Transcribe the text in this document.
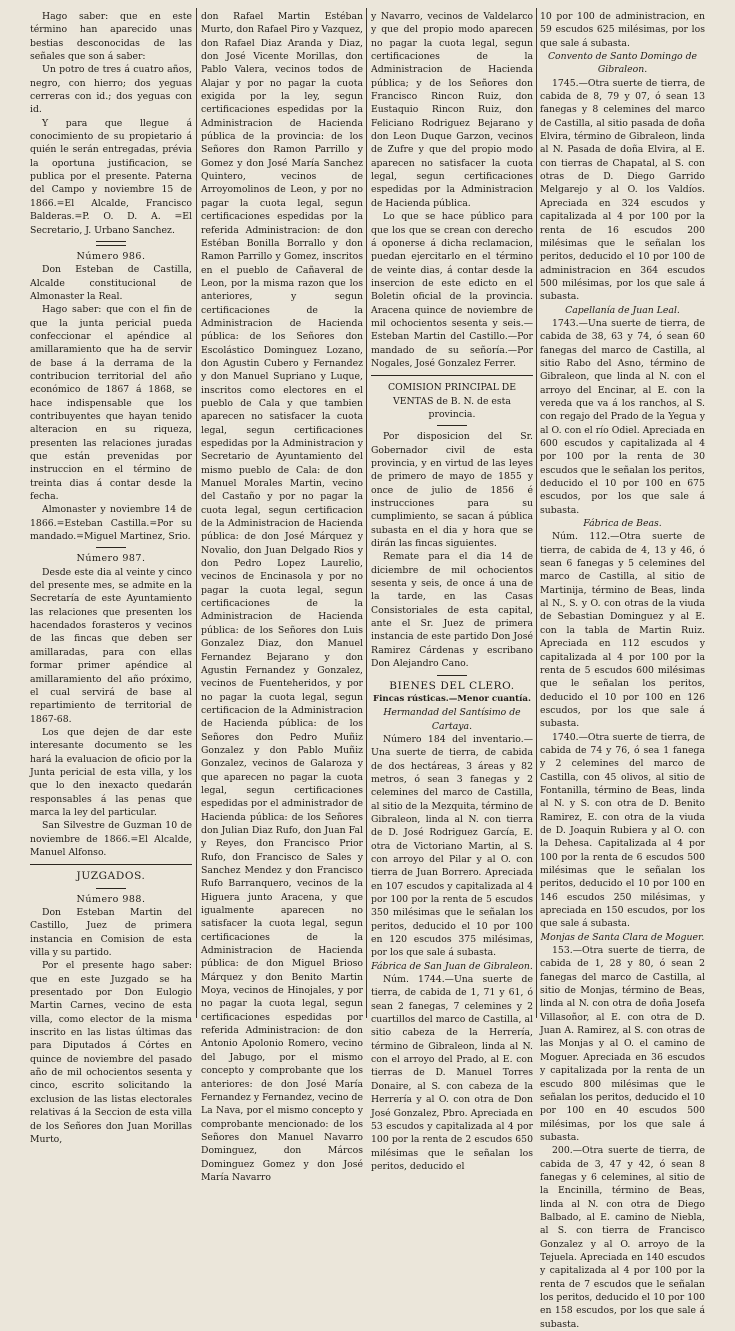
Hago saber: que en este término han aparecido unas bestias desconocidas de las señales que son á saber:

Un potro de tres á cuatro años, negro, con hierro; dos yeguas cerreras con id.; dos yeguas con id.

Y para que llegue á conocimiento de su propietario á quién le serán entregadas, prévia la oportuna justificacion, se publica por el presente. Paterna del Campo y noviembre 15 de 1866.=El Alcalde, Francisco Balderas.=P. O. D. A. =El Secretario, J. Urbano Sanchez.

Número 986.

Don Esteban de Castilla, Alcalde constitucional de Almonaster la Real.

Hago saber: que con el fin de que la junta pericial pueda confeccionar el apéndice al amillaramiento que ha de servir de base á la derrama de la contribucion territorial del año económico de 1867 á 1868, se hace indispensable que los contribuyentes que hayan tenido alteracion en su riqueza, presenten las relaciones juradas que están prevenidas por instruccion en el término de treinta dias á contar desde la fecha.

Almonaster y noviembre 14 de 1866.=Esteban Castilla.=Por su mandado.=Miguel Martinez, Srio.

Número 987.

Desde este dia al veinte y cinco del presente mes, se admite en la Secretaría de este Ayuntamiento las relaciones que presenten los hacendados forasteros y vecinos de las fincas que deben ser amillaradas, para con ellas formar primer apéndice al amillaramiento del año próximo, el cual servirá de base al repartimiento de territorial de 1867-68.

Los que dejen de dar este interesante documento se les hará la evaluacion de oficio por la Junta pericial de esta villa, y los que lo den inexacto quedarán responsables á las penas que marca la ley del particular.

San Silvestre de Guzman 10 de noviembre de 1866.=El Alcalde, Manuel Alfonso.

JUZGADOS.
Número 988.

Don Esteban Martin del Castillo, Juez de primera instancia en Comision de esta villa y su partido.

Por el presente hago saber: que en este Juzgado se ha presentado por Don Eulogio Martin Carnes, vecino de esta villa, como elector de la misma inscrito en las listas últimas das para Diputados á Córtes en quince de noviembre del pasado año de mil ochocientos sesenta y cinco, escrito solicitando la exclusion de las listas electorales relativas á la Seccion de esta villa de los Señores don Juan Morillas Murto,

don Rafael Martin Estéban Murto, don Rafael Piro y Vazquez, don Rafael Diaz Aranda y Diaz, don José Vicente Morillas, don Pablo Valera, vecinos todos de Alajar y por no pagar la cuota exigida por la ley, segun certificaciones espedidas por la Administracion de Hacienda pública de la provincia: de los Señores don Ramon Parrillo y Gomez y don José María Sanchez Quintero, vecinos de Arroyomolinos de Leon, y por no pagar la cuota legal, segun certificaciones espedidas por la referida Administracion: de don Estéban Bonilla Borrallo y don Ramon Parrillo y Gomez, inscritos en el pueblo de Cañaveral de Leon, por la misma razon que los anteriores, y segun certificaciones de la Administracion de Hacienda pública: de los Señores don Escolástico Dominguez Lozano, don Agustin Cubero y Fernandez y don Manuel Supriano y Luque, inscritos como electores en el pueblo de Cala y que tambien aparecen no satisfacer la cuota legal, segun certificaciones espedidas por la Administracion y Secretario de Ayuntamiento del mismo pueblo de Cala: de don Manuel Morales Martin, vecino del Castaño y por no pagar la cuota legal, segun certificacion de la Administracion de Hacienda pública: de don José Márquez y Novalio, don Juan Delgado Rios y don Pedro Lopez Laurelio, vecinos de Encinasola y por no pagar la cuota legal, segun certificaciones de la Administracion de Hacienda pública: de los Señores don Luis Gonzalez Diaz, don Manuel Fernandez Bejarano y don Agustin Fernandez y Gonzalez, vecinos de Fuenteheridos, y por no pagar la cuota legal, segun certificacion de la Administracion de Hacienda pública: de los Señores don Pedro Muñiz Gonzalez y don Pablo Muñiz Gonzalez, vecinos de Galaroza y que aparecen no pagar la cuota legal, segun certificaciones espedidas por el administrador de Hacienda pública: de los Señores don Julian Diaz Rufo, don Juan Fal y Reyes, don Francisco Prior Rufo, don Francisco de Sales y Sanchez Mendez y don Francisco Rufo Barranquero, vecinos de la Higuera junto Aracena, y que igualmente aparecen no satisfacer la cuota legal, segun certificaciones de la Administracion de Hacienda pública: de don Miguel Brioso Márquez y don Benito Martin Moya, vecinos de Hinojales, y por no pagar la cuota legal, segun certificaciones espedidas por referida Administracion: de don Antonio Apolonio Romero, vecino del Jabugo, por el mismo concepto y comprobante que los anteriores: de don José María Fernandez y Fernandez, vecino de La Nava, por el mismo concepto y comprobante mencionado: de los Señores don Manuel Navarro Dominguez, don Márcos Dominguez Gomez y don José María Navarro

y Navarro, vecinos de Valdelarco y que del propio modo aparecen no pagar la cuota legal, segun certificaciones de la Administracion de Hacienda pública; y de los Señores don Francisco Rincon Ruiz, don Eustaquio Rincon Ruiz, don Feliciano Rodriguez Bejarano y don Leon Duque Garzon, vecinos de Zufre y que del propio modo aparecen no satisfacer la cuota legal, segun certificaciones espedidas por la Administracion de Hacienda pública.

Lo que se hace público para que los que se crean con derecho á oponerse á dicha reclamacion, puedan ejercitarlo en el término de veinte dias, á contar desde la insercion de este edicto en el Boletin oficial de la provincia. Aracena quince de noviembre de mil ochocientos sesenta y seis.—Esteban Martin del Castillo.—Por mandado de su señoría.—Por Nogales, José Gonzalez Ferrer.

COMISION PRINCIPAL DE VENTAS de B. N. de esta provincia.

Por disposicion del Sr. Gobernador civil de esta provincia, y en virtud de las leyes de primero de mayo de 1855 y once de julio de 1856 é instrucciones para su cumplimiento, se sacan á pública subasta en el dia y hora que se dirán las fincas siguientes.

Remate para el dia 14 de diciembre de mil ochocientos sesenta y seis, de once á una de la tarde, en las Casas Consistoriales de esta capital, ante el Sr. Juez de primera instancia de este partido Don José Ramirez Cárdenas y escribano Don Alejandro Cano.

BIENES DEL CLERO.
Fincas rústicas.—Menor cuantía.
Hermandad del Santísimo de Cartaya.

Número 184 del inventario.—Una suerte de tierra, de cabida de dos hectáreas, 3 áreas y 82 metros, ó sean 3 fanegas y 2 celemines del marco de Castilla, al sitio de la Mezquita, término de Gibraleon, linda al N. con tierra de D. José Rodriguez García, E. otra de Victoriano Martin, al S. con arroyo del Pilar y al O. con tierra de Juan Borrero. Apreciada en 107 escudos y capitalizada al 4 por 100 por la renta de 5 escudos 350 milésimas que le señalan los peritos, deducido el 10 por 100 en 120 escudos 375 milésimas, por los que sale á subasta.

Fábrica de San Juan de Gibraleon.

Núm. 1744.—Una suerte de tierra, de cabida de 1, 71 y 61, ó sean 2 fanegas, 7 celemines y 2 cuartillos del marco de Castilla, al sitio cabeza de la Herrería, término de Gibraleon, linda al N. con el arroyo del Prado, al E. con tierras de D. Manuel Torres Donaire, al S. con cabeza de la Herrería y al O. con otra de Don José Gonzalez, Pbro. Apreciada en 53 escudos y capitalizada al 4 por 100 por la renta de 2 escudos 650 milésimas que le señalan los peritos, deducido el

10 por 100 de administracion, en 59 escudos 625 milésimas, por los que sale á subasta.

Convento de Santo Domingo de Gibraleon.

1745.—Otra suerte de tierra, de cabida de 8, 79 y 07, ó sean 13 fanegas y 8 celemines del marco de Castilla, al sitio pasada de doña Elvira, término de Gibraleon, linda al N. Pasada de doña Elvira, al E. con tierras de Chapatal, al S. con otras de D. Diego Garrido Melgarejo y al O. los Valdíos. Apreciada en 324 escudos y capitalizada al 4 por 100 por la renta de 16 escudos 200 milésimas que le señalan los peritos, deducido el 10 por 100 de administracion en 364 escudos 500 milésimas, por los que sale á subasta.

Capellanía de Juan Leal.

1743.—Una suerte de tierra, de cabida de 38, 63 y 74, ó sean 60 fanegas del marco de Castilla, al sitio Rabo del Asno, término de Gibraleon, que linda al N. con el arroyo del Encinar, al E. con la vereda que va á los ranchos, al S. con regajo del Prado de la Yegua y al O. con el río Odiel. Apreciada en 600 escudos y capitalizada al 4 por 100 por la renta de 30 escudos que le señalan los peritos, deducido el 10 por 100 en 675 escudos, por los que sale á subasta.

Fábrica de Beas.

Núm. 112.—Otra suerte de tierra, de cabida de 4, 13 y 46, ó sean 6 fanegas y 5 celemines del marco de Castilla, al sitio de Martinija, término de Beas, linda al N., S. y O. con otras de la viuda de Sebastian Dominguez y al E. con la tabla de Martin Ruiz. Apreciada en 112 escudos y capitalizada al 4 por 100 por la renta de 5 escudos 600 milésimas que le señalan los peritos, deducido el 10 por 100 en 126 escudos, por los que sale á subasta.

1740.—Otra suerte de tierra, de cabida de 74 y 76, ó sea 1 fanega y 2 celemines del marco de Castilla, con 45 olivos, al sitio de Fontanilla, término de Beas, linda al N. y S. con otra de D. Benito Ramirez, E. con otra de la viuda de D. Joaquin Rubiera y al O. con la Dehesa. Capitalizada al 4 por 100 por la renta de 6 escudos 500 milésimas que le señalan los peritos, deducido el 10 por 100 en 146 escudos 250 milésimas, y apreciada en 150 escudos, por los que sale á subasta.

Monjas de Santa Clara de Moguer.

153.—Otra suerte de tierra, de cabida de 1, 28 y 80, ó sean 2 fanegas del marco de Castilla, al sitio de Monjas, término de Beas, linda al N. con otra de doña Josefa Villasoñor, al E. con otra de D. Juan A. Ramirez, al S. con otras de las Monjas y al O. el camino de Moguer. Apreciada en 36 escudos y capitalizada por la renta de un escudo 800 milésimas que le señalan los peritos, deducido el 10 por 100 en 40 escudos 500 milésimas, por los que sale á subasta.

200.—Otra suerte de tierra, de cabida de 3, 47 y 42, ó sean 8 fanegas y 6 celemines, al sitio de la Encinilla, término de Beas, linda al N. con otra de Diego Balbado, al E. camino de Niebla, al S. con tierra de Francisco Gonzalez y al O. arroyo de la Tejuela. Apreciada en 140 escudos y capitalizada al 4 por 100 por la renta de 7 escudos que le señalan los peritos, deducido el 10 por 100 en 158 escudos, por los que sale á subasta.
